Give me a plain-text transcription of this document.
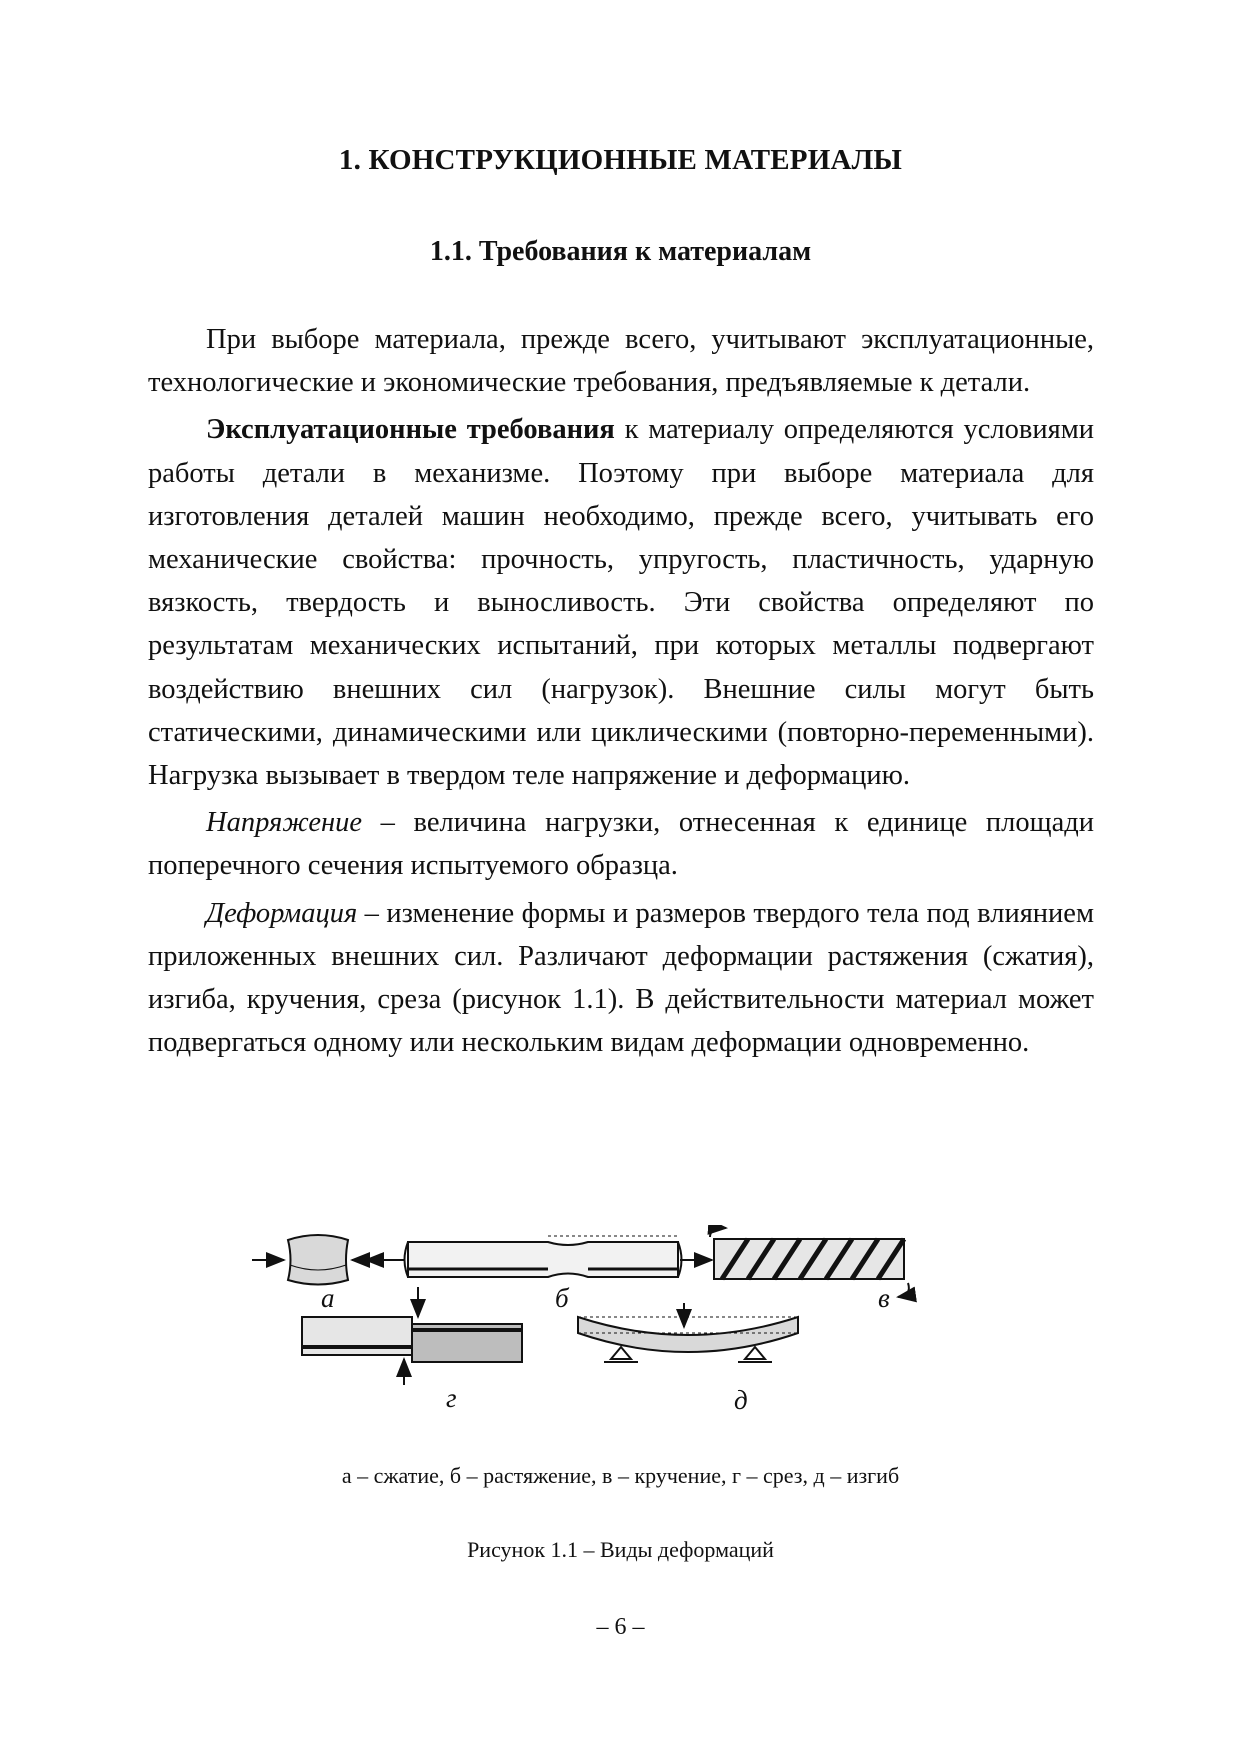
1. КОНСТРУКЦИОННЫЕ МАТЕРИАЛЫ
1.1. Требования к материалам

При выборе материала, прежде всего, учитывают эксплуатационные, технологические и экономические требования, предъявляемые к детали.

Эксплуатационные требования к материалу определяются условиями работы детали в механизме. Поэтому при выборе материала для изготовления деталей машин необходимо, прежде всего, учитывать его механические свойства: прочность, упругость, пластичность, ударную вязкость, твердость и выносливость. Эти свойства определяют по результатам механических испытаний, при которых металлы подвергают воздействию внешних сил (нагрузок). Внешние силы могут быть статическими, динамическими или циклическими (повторно-переменными). Нагрузка вызывает в твердом теле напряжение и деформацию.

Напряжение – величина нагрузки, отнесенная к единице площади поперечного сечения испытуемого образца.

Деформация – изменение формы и размеров твердого тела под влиянием приложенных внешних сил. Различают деформации растяжения (сжатия), изгиба, кручения, среза (рисунок 1.1). В действительности материал может подвергаться одному или нескольким видам деформации одновременно.

а	б	в
г	д
а – сжатие, б – растяжение, в – кручение, г – срез, д – изгиб
Рисунок 1.1 – Виды деформаций
– 6 –
